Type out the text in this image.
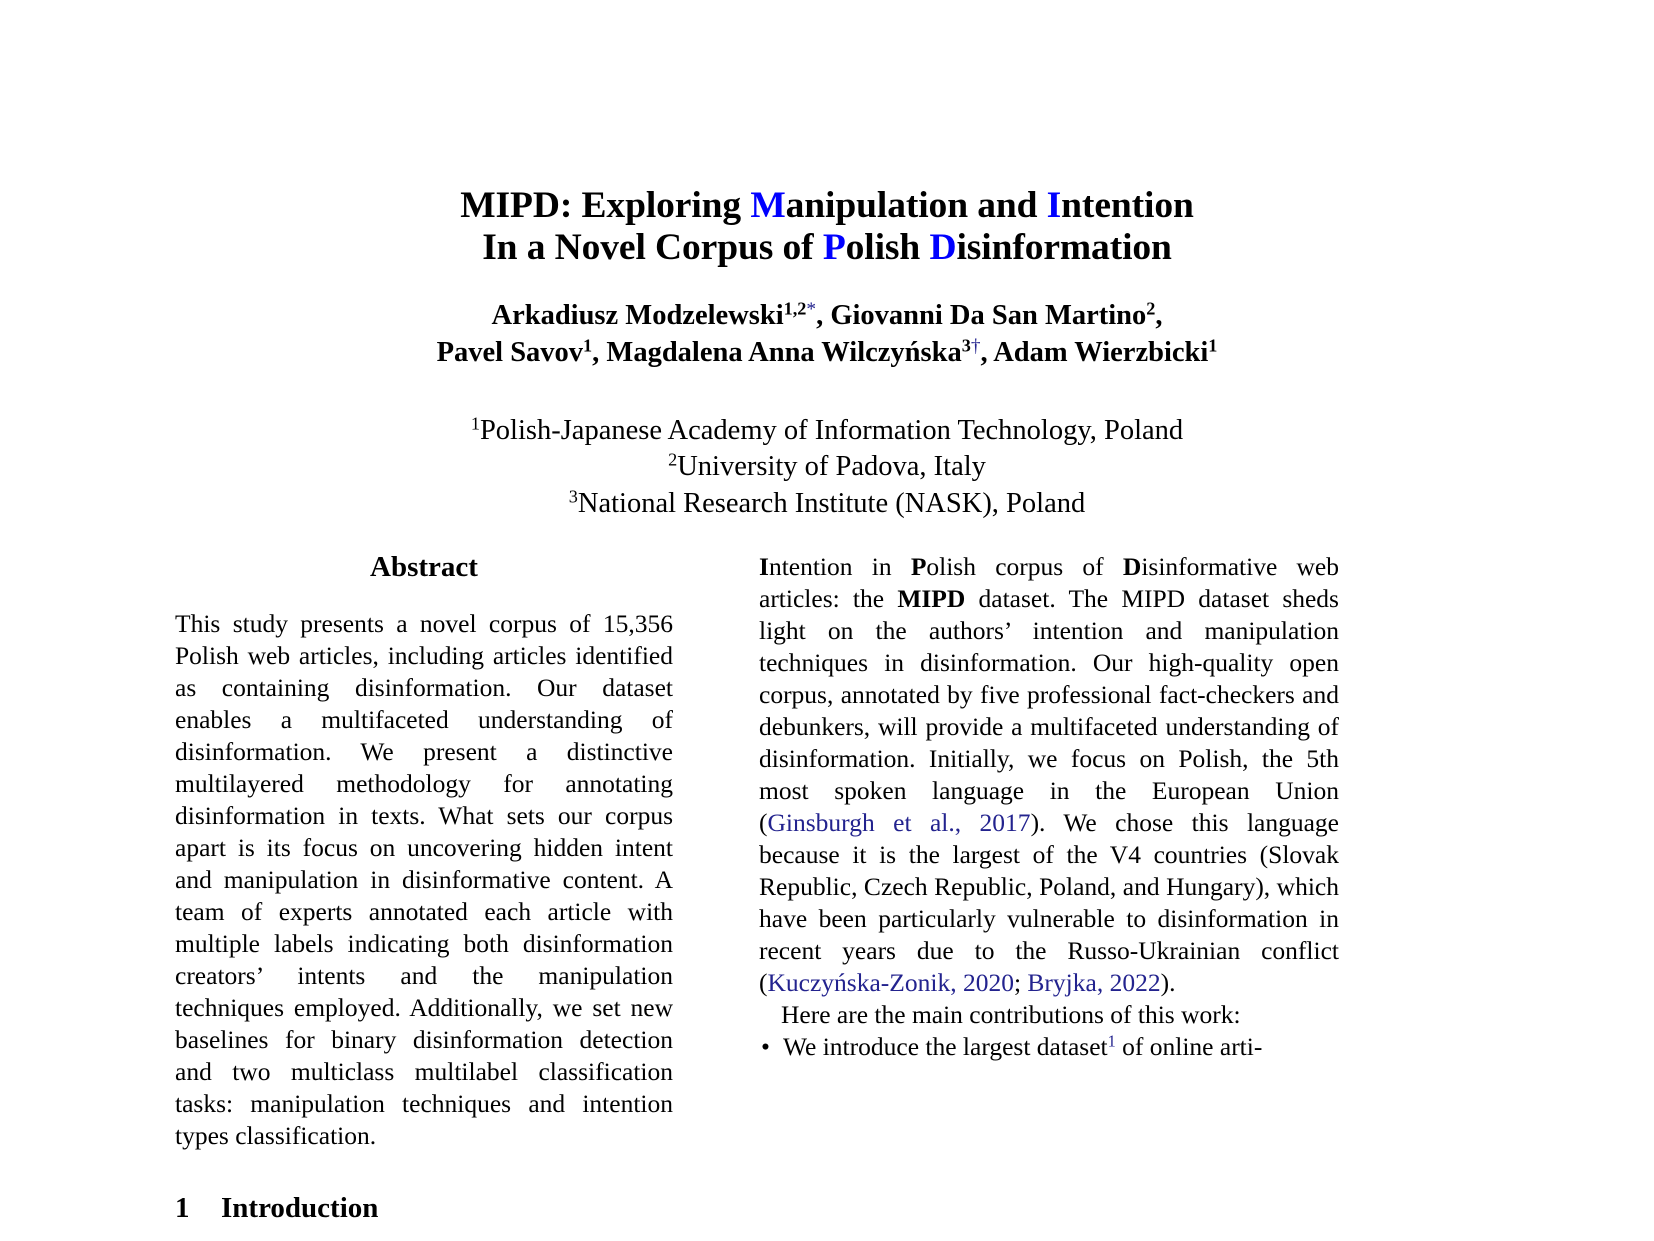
MIPD: Exploring Manipulation and Intention
In a Novel Corpus of Polish Disinformation
Arkadiusz Modzelewski$^{1,2*}$, Giovanni Da San Martino$^2$,
Pavel Savov$^1$, Magdalena Anna Wilczyńska$^{3\dagger}$, Adam Wierzbicki$^1$
$^1$Polish-Japanese Academy of Information Technology, Poland
$^2$University of Padova, Italy
$^3$National Research Institute (NASK), Poland
Abstract

This study presents a novel corpus of 15,356 Polish web articles, including articles identified as containing disinformation. Our dataset enables a multifaceted understanding of disinformation. We present a distinctive multilayered methodology for annotating disinformation in texts. What sets our corpus apart is its focus on uncovering hidden intent and manipulation in disinformative content. A team of experts annotated each article with multiple labels indicating both disinformation creators’ intents and the manipulation techniques employed. Additionally, we set new baselines for binary disinformation detection and two multiclass multilabel classification tasks: manipulation techniques and intention types classification.

1 Introduction

Intention in Polish corpus of Disinformative web articles: the MIPD dataset. The MIPD dataset sheds light on the authors’ intention and manipulation techniques in disinformation. Our high-quality open corpus, annotated by five professional fact-checkers and debunkers, will provide a multifaceted understanding of disinformation. Initially, we focus on Polish, the 5th most spoken language in the European Union (Ginsburgh et al., 2017). We chose this language because it is the largest of the V4 countries (Slovak Republic, Czech Republic, Poland, and Hungary), which have been particularly vulnerable to disinformation in recent years due to the Russo-Ukrainian conflict (Kuczyńska-Zonik, 2020; Bryjka, 2022).

Here are the main contributions of this work:

• We introduce the largest dataset$^1$ of online arti-
